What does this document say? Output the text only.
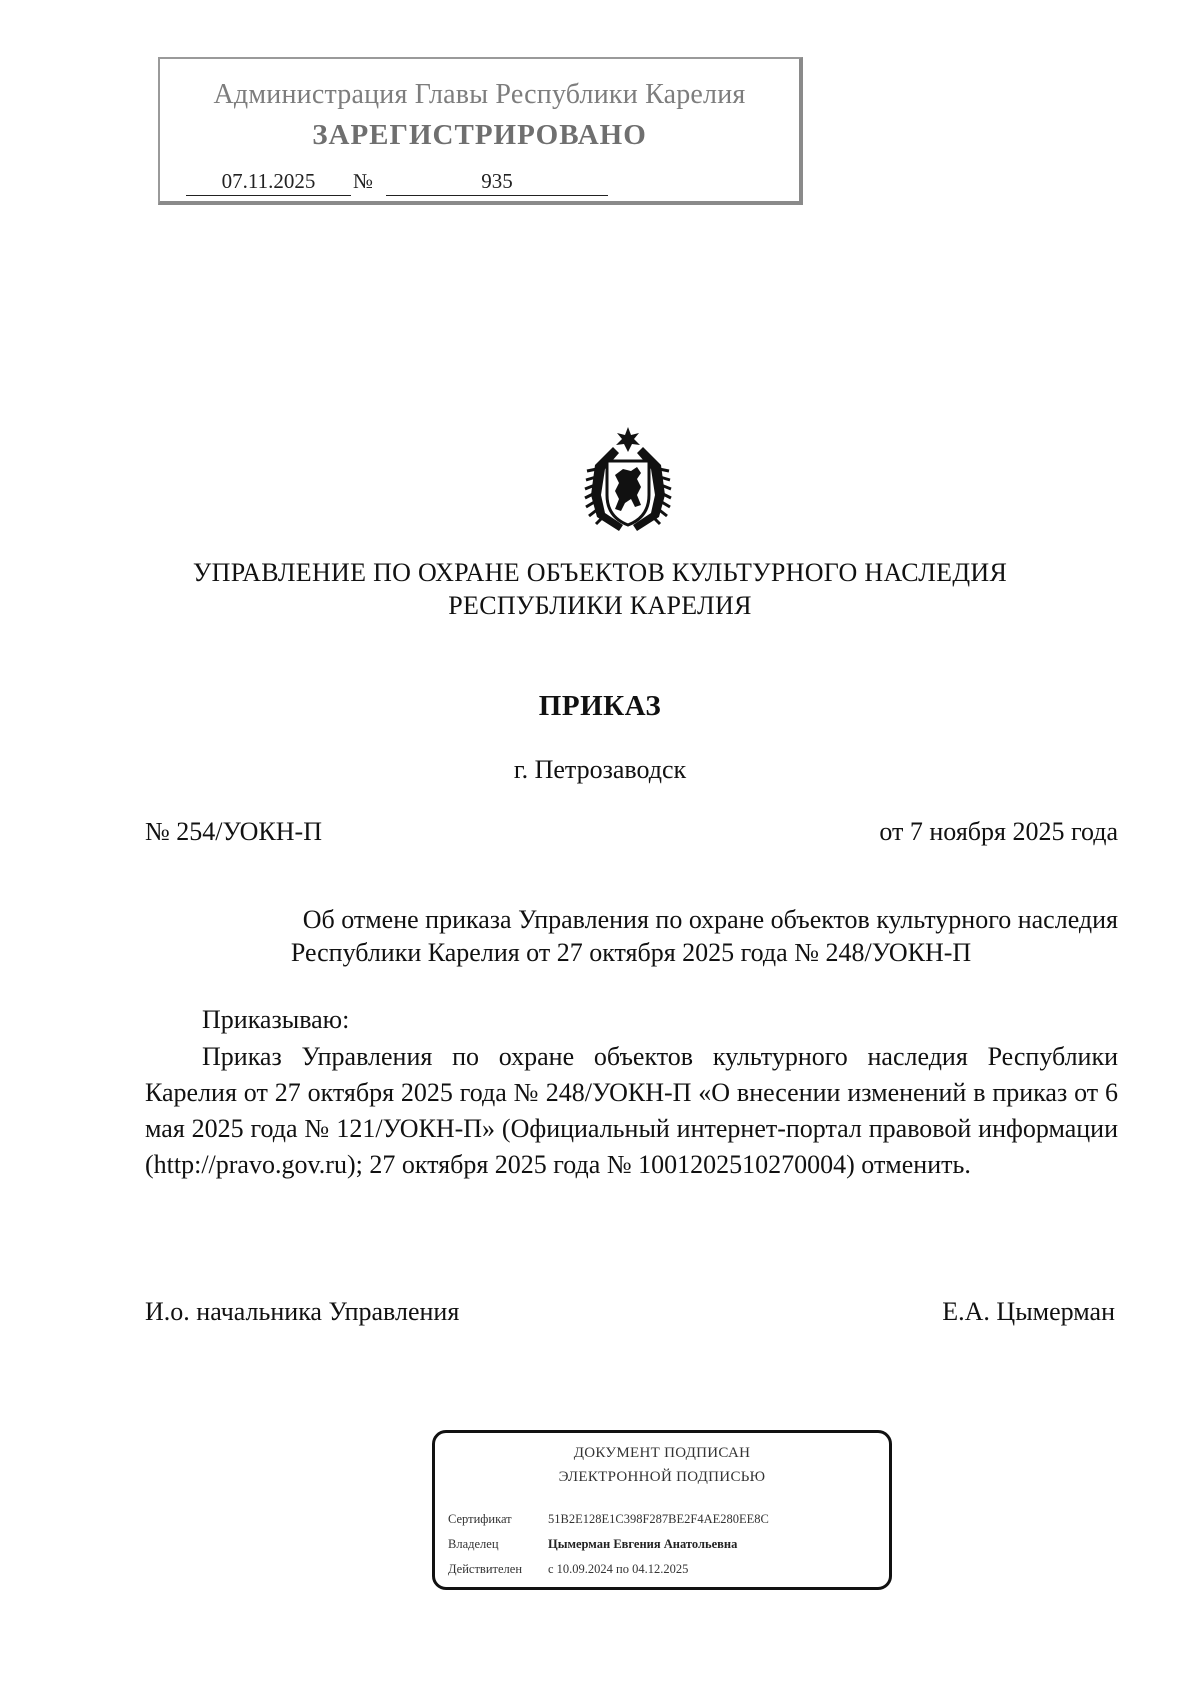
Администрация Главы Республики Карелия
ЗАРЕГИСТРИРОВАНО
07.11.2025	№	935
УПРАВЛЕНИЕ ПО ОХРАНЕ ОБЪЕКТОВ КУЛЬТУРНОГО НАСЛЕДИЯ
РЕСПУБЛИКИ КАРЕЛИЯ
ПРИКАЗ
г. Петрозаводск
№ 254/УОКН-П	от 7 ноября 2025 года
Об отмене приказа Управления по охране объектов культурного наследия
Республики Карелия от 27 октября 2025 года № 248/УОКН-П
Приказываю:
Приказ Управления по охране объектов культурного наследия Республики Карелия от 27 октября 2025 года № 248/УОКН-П «О внесении изменений в приказ от 6 мая 2025 года № 121/УОКН-П» (Официальный интернет-портал правовой информации (http://pravo.gov.ru); 27 октября 2025 года № 1001202510270004) отменить.
И.о. начальника Управления	Е.А. Цымерман
ДОКУМЕНТ ПОДПИСАН
ЭЛЕКТРОННОЙ ПОДПИСЬЮ
Сертификат	51B2E128E1C398F287BE2F4AE280EE8C
Владелец	Цымерман Евгения Анатольевна
Действителен с 10.09.2024 по 04.12.2025
